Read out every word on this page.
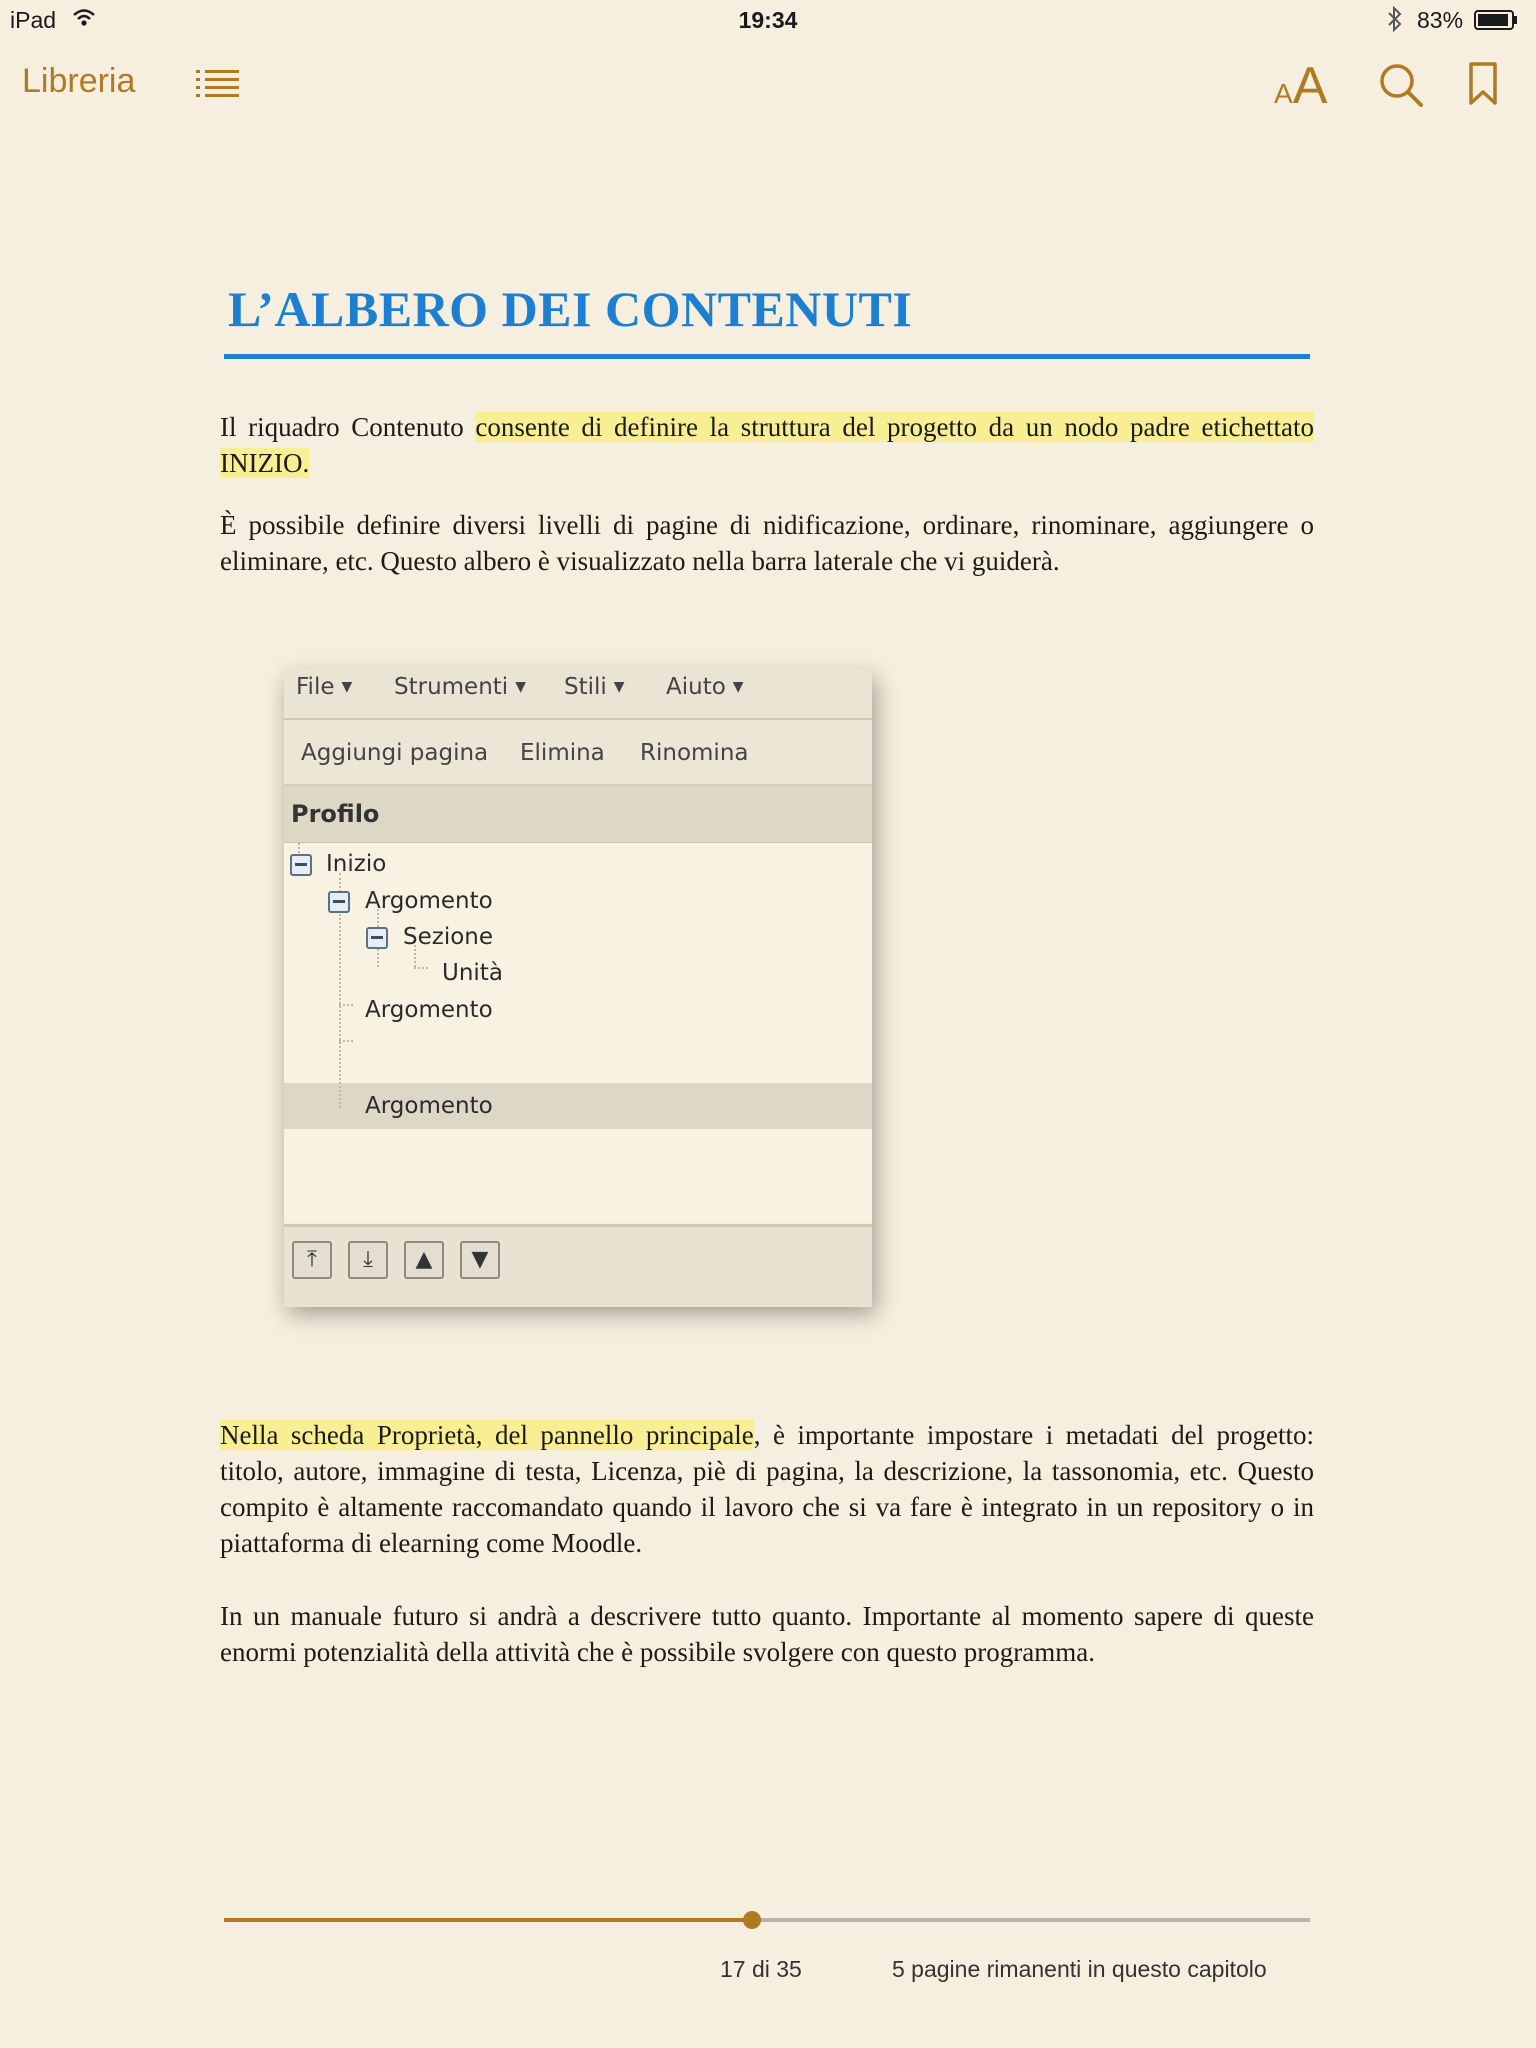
iPad	19:34	83%
Libreria	AA
L’ALBERO DEI CONTENUTI

Il riquadro Contenuto consente di definire la struttura del progetto da un nodo padre etichettato INIZIO.

È possibile definire diversi livelli di pagine di nidificazione, ordinare, rinominare, aggiungere o eliminare, etc. Questo albero è visualizzato nella barra laterale che vi guiderà.

File ▼ Strumenti ▼ Stili ▼ Aiuto ▼
Aggiungi pagina Elimina Rinomina
Profilo
Inizio
Argomento
Sezione
Unità
Argomento
Argomento
⤒	⤓	▲	▼

Nella scheda Proprietà, del pannello principale, è importante impostare i metadati del progetto: titolo, autore, immagine di testa, Licenza, piè di pagina, la descrizione, la tassonomia, etc. Questo compito è altamente raccomandato quando il lavoro che si va fare è integrato in un repository o in piattaforma di elearning come Moodle.

In un manuale futuro si andrà a descrivere tutto quanto. Importante al momento sapere di queste enormi potenzialità della attività che è possibile svolgere con questo programma.

17 di 35	5 pagine rimanenti in questo capitolo
